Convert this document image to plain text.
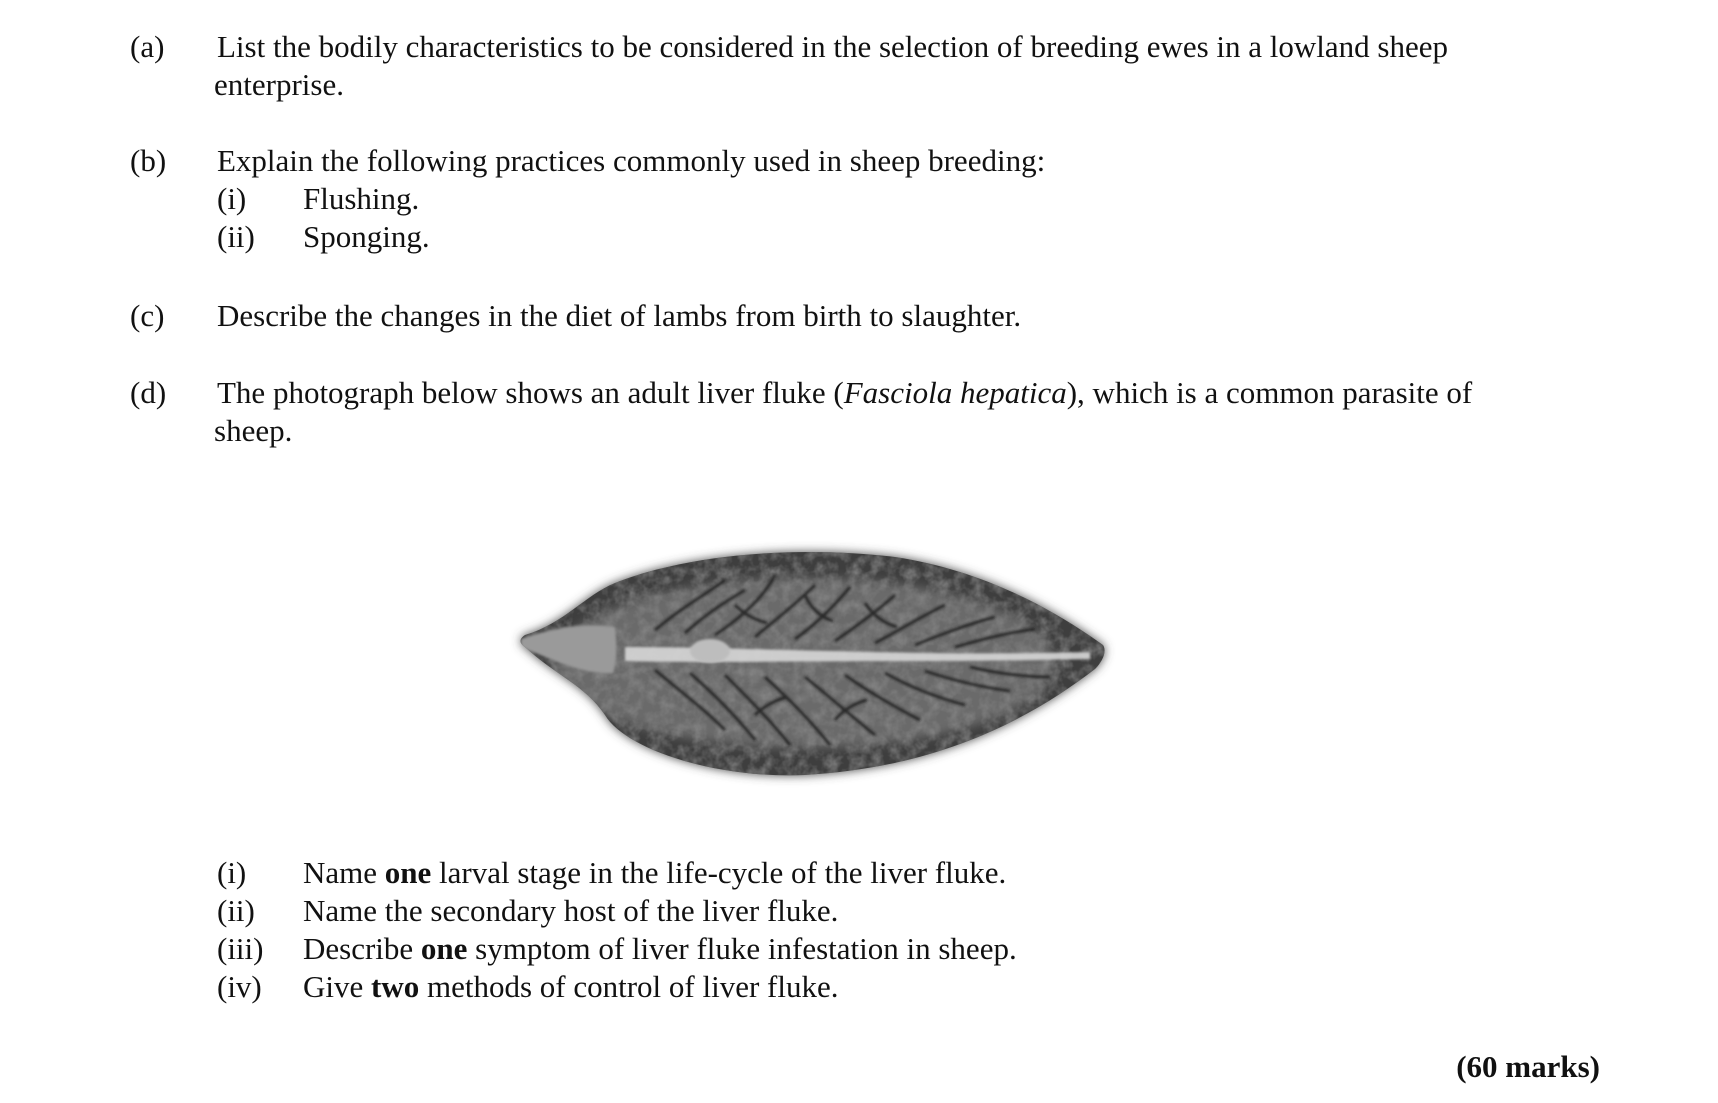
(a) List the bodily characteristics to be considered in the selection of breeding ewes in a lowland sheep
enterprise.
(b) Explain the following practices commonly used in sheep breeding:
(i) Flushing.
(ii) Sponging.
(c) Describe the changes in the diet of lambs from birth to slaughter.
(d) The photograph below shows an adult liver fluke (Fasciola hepatica), which is a common parasite of
sheep.
(i) Name one larval stage in the life-cycle of the liver fluke.
(ii) Name the secondary host of the liver fluke.
(iii) Describe one symptom of liver fluke infestation in sheep.
(iv) Give two methods of control of liver fluke.
(60 marks)
